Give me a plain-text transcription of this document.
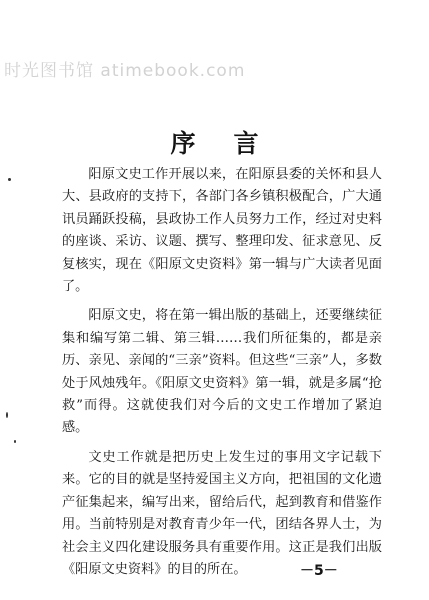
时光图书馆 atimebook.com
序言

阳原文史工作开展以来，在阳原县委的关怀和县人大、县政府的支持下，各部门各乡镇积极配合，广大通讯员踊跃投稿，县政协工作人员努力工作，经过对史料的座谈、采访、议题、撰写、整理印发、征求意见、反复核实，现在《阳原文史资料》第一辑与广大读者见面了。

阳原文史，将在第一辑出版的基础上，还要继续征集和编写第二辑、第三辑……我们所征集的，都是亲历、亲见、亲闻的“三亲”资料。但这些“三亲”人，多数处于风烛残年。《阳原文史资料》第一辑，就是多属“抢救”而得。这就使我们对今后的文史工作增加了紧迫感。

文史工作就是把历史上发生过的事用文字记载下来。它的目的就是坚持爱国主义方向，把祖国的文化遗产征集起来，编写出来，留给后代，起到教育和借鉴作用。当前特别是对教育青少年一代，团结各界人士，为社会主义四化建设服务具有重要作用。这正是我们出版《阳原文史资料》的目的所在。	－5－
